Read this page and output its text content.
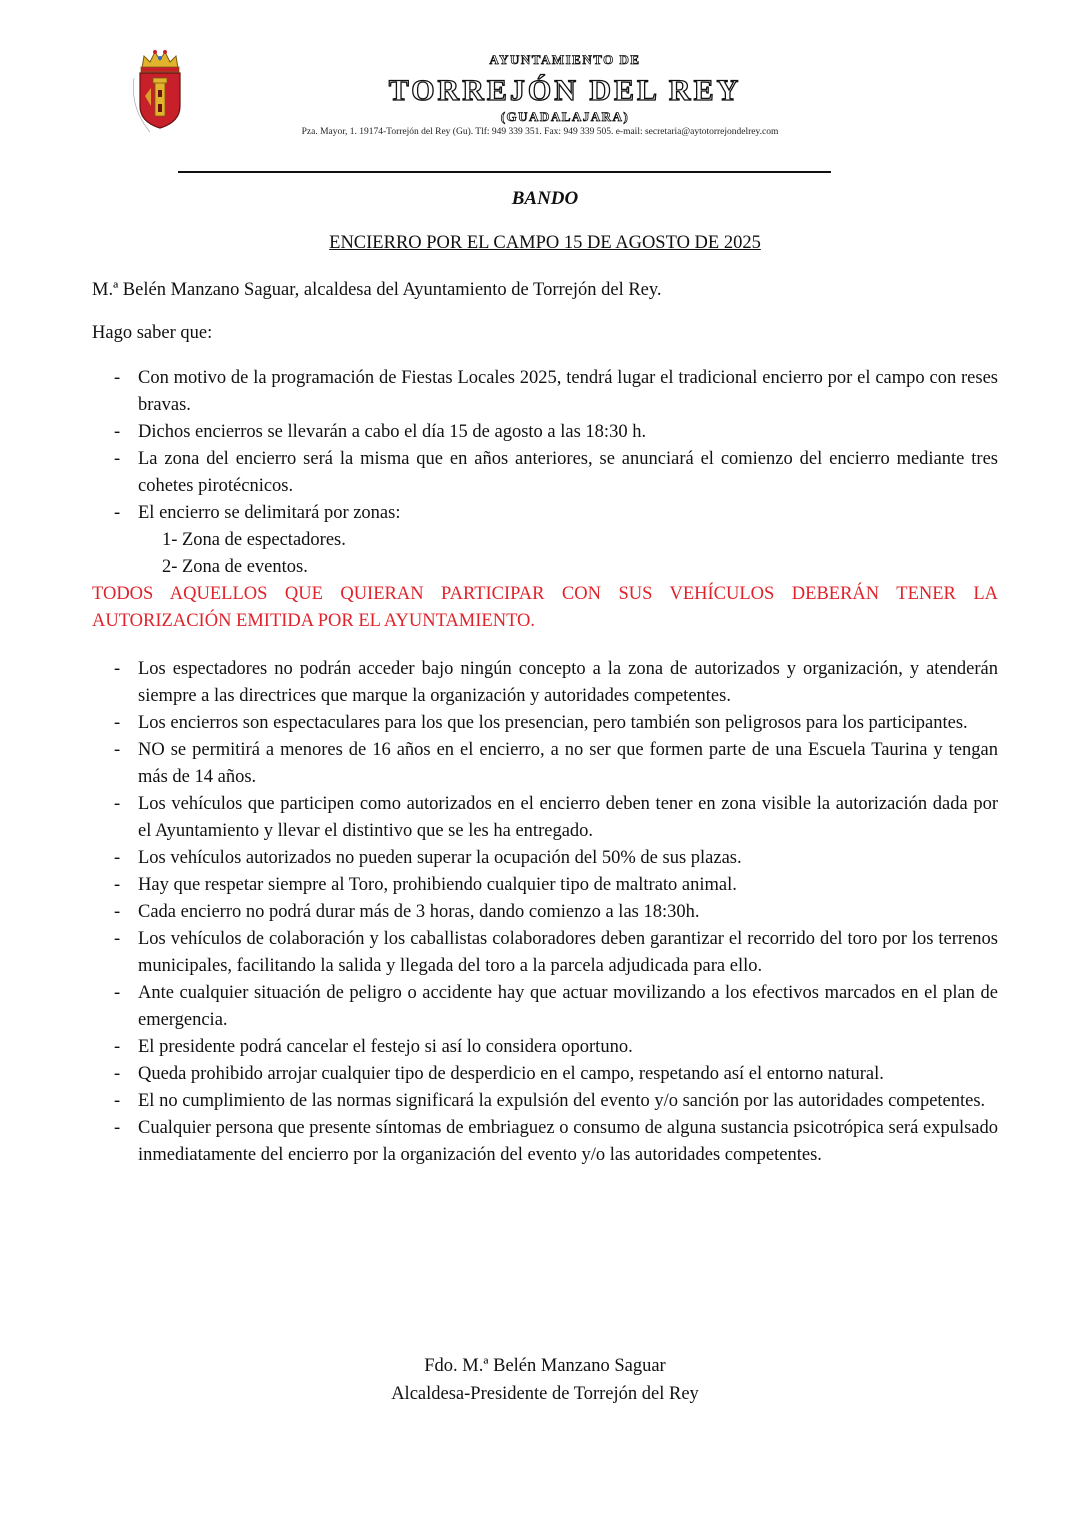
AYUNTAMIENTO DE
TORREJÓN DEL REY
(GUADALAJARA)
Pza. Mayor, 1. 19174-Torrejón del Rey (Gu). Tlf: 949 339 351. Fax: 949 339 505. e-mail: secretaria@aytotorrejondelrey.com
BANDO
ENCIERRO POR EL CAMPO 15 DE AGOSTO DE 2025

M.ª Belén Manzano Saguar, alcaldesa del Ayuntamiento de Torrejón del Rey.

Hago saber que:

- Con motivo de la programación de Fiestas Locales 2025, tendrá lugar el tradicional encierro por el campo con reses bravas.
- Dichos encierros se llevarán a cabo el día 15 de agosto a las 18:30 h.
- La zona del encierro será la misma que en años anteriores, se anunciará el comienzo del encierro mediante tres cohetes pirotécnicos.
- El encierro se delimitará por zonas:
1- Zona de espectadores.
2- Zona de eventos.

TODOS AQUELLOS QUE QUIERAN PARTICIPAR CON SUS VEHÍCULOS DEBERÁN TENER LA AUTORIZACIÓN EMITIDA POR EL AYUNTAMIENTO.

- Los espectadores no podrán acceder bajo ningún concepto a la zona de autorizados y organización, y atenderán siempre a las directrices que marque la organización y autoridades competentes.
- Los encierros son espectaculares para los que los presencian, pero también son peligrosos para los participantes.
- NO se permitirá a menores de 16 años en el encierro, a no ser que formen parte de una Escuela Taurina y tengan más de 14 años.
- Los vehículos que participen como autorizados en el encierro deben tener en zona visible la autorización dada por el Ayuntamiento y llevar el distintivo que se les ha entregado.
- Los vehículos autorizados no pueden superar la ocupación del 50% de sus plazas.
- Hay que respetar siempre al Toro, prohibiendo cualquier tipo de maltrato animal.
- Cada encierro no podrá durar más de 3 horas, dando comienzo a las 18:30h.
- Los vehículos de colaboración y los caballistas colaboradores deben garantizar el recorrido del toro por los terrenos municipales, facilitando la salida y llegada del toro a la parcela adjudicada para ello.
- Ante cualquier situación de peligro o accidente hay que actuar movilizando a los efectivos marcados en el plan de emergencia.
- El presidente podrá cancelar el festejo si así lo considera oportuno.
- Queda prohibido arrojar cualquier tipo de desperdicio en el campo, respetando así el entorno natural.
- El no cumplimiento de las normas significará la expulsión del evento y/o sanción por las autoridades competentes.
- Cualquier persona que presente síntomas de embriaguez o consumo de alguna sustancia psicotrópica será expulsado inmediatamente del encierro por la organización del evento y/o las autoridades competentes.
Fdo. M.ª Belén Manzano Saguar
Alcaldesa-Presidente de Torrejón del Rey
